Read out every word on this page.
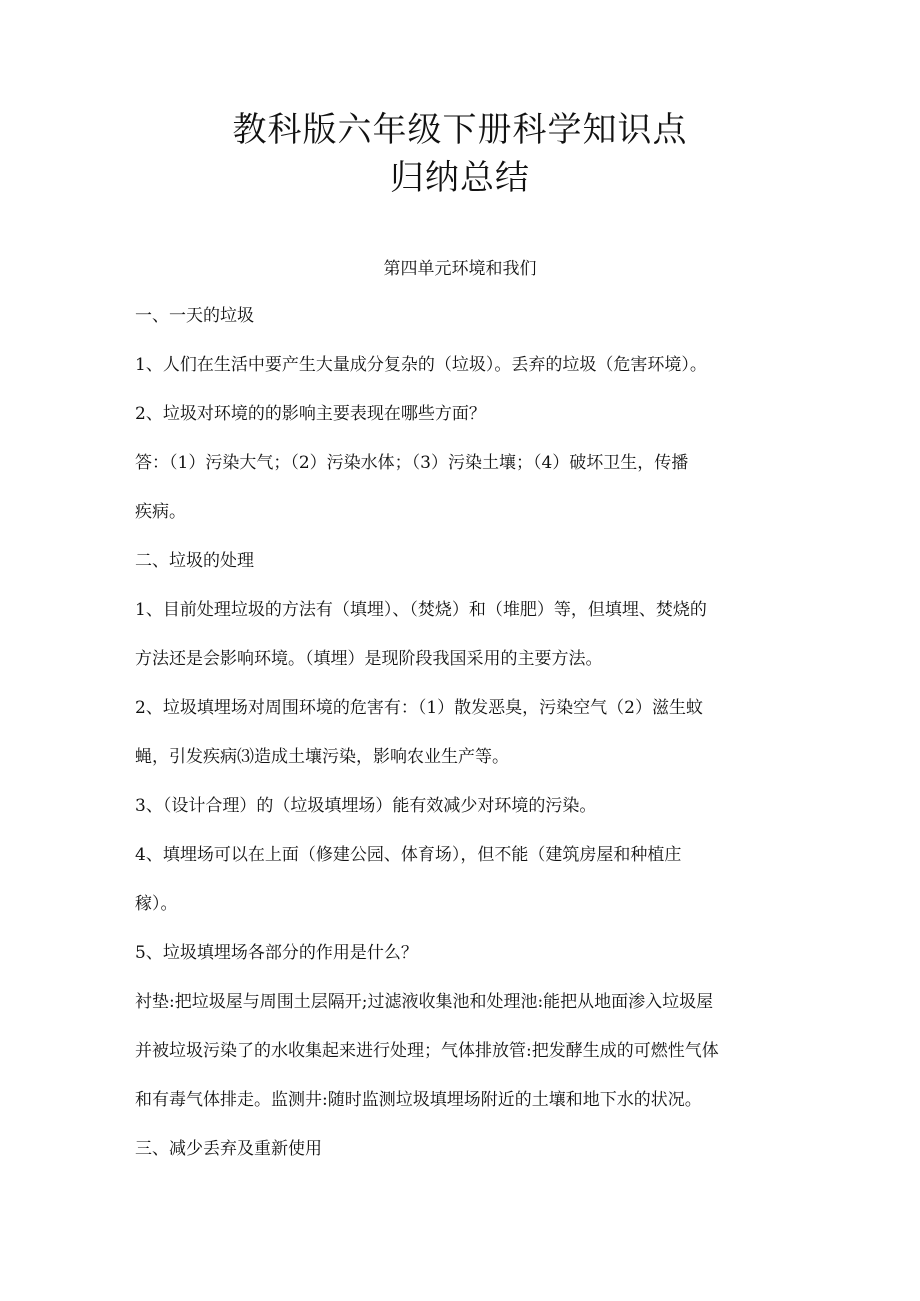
教科版六年级下册科学知识点
归纳总结
第四单元环境和我们
一、一天的垃圾
1、人们在生活中要产生大量成分复杂的（垃圾）。丢弃的垃圾（危害环境）。
2、垃圾对环境的的影响主要表现在哪些方面？
答：（1）污染大气；（2）污染水体；（3）污染土壤；（4）破坏卫生，传播
疾病。
二、垃圾的处理
1、目前处理垃圾的方法有（填埋）、（焚烧）和（堆肥）等，但填埋、焚烧的
方法还是会影响环境。（填埋）是现阶段我国采用的主要方法。
2、垃圾填埋场对周围环境的危害有：（1）散发恶臭，污染空气（2）滋生蚊
蝇，引发疾病⑶造成土壤污染，影响农业生产等。
3、（设计合理）的（垃圾填埋场）能有效减少对环境的污染。
4、填埋场可以在上面（修建公园、体育场），但不能（建筑房屋和种植庄
稼）。
5、垃圾填埋场各部分的作用是什么？
衬垫:把垃圾屋与周围土层隔开;过滤液收集池和处理池:能把从地面渗入垃圾屋
并被垃圾污染了的水收集起来进行处理；气体排放管:把发酵生成的可燃性气体
和有毒气体排走。监测井:随时监测垃圾填埋场附近的土壤和地下水的状况。
三、减少丢弃及重新使用
